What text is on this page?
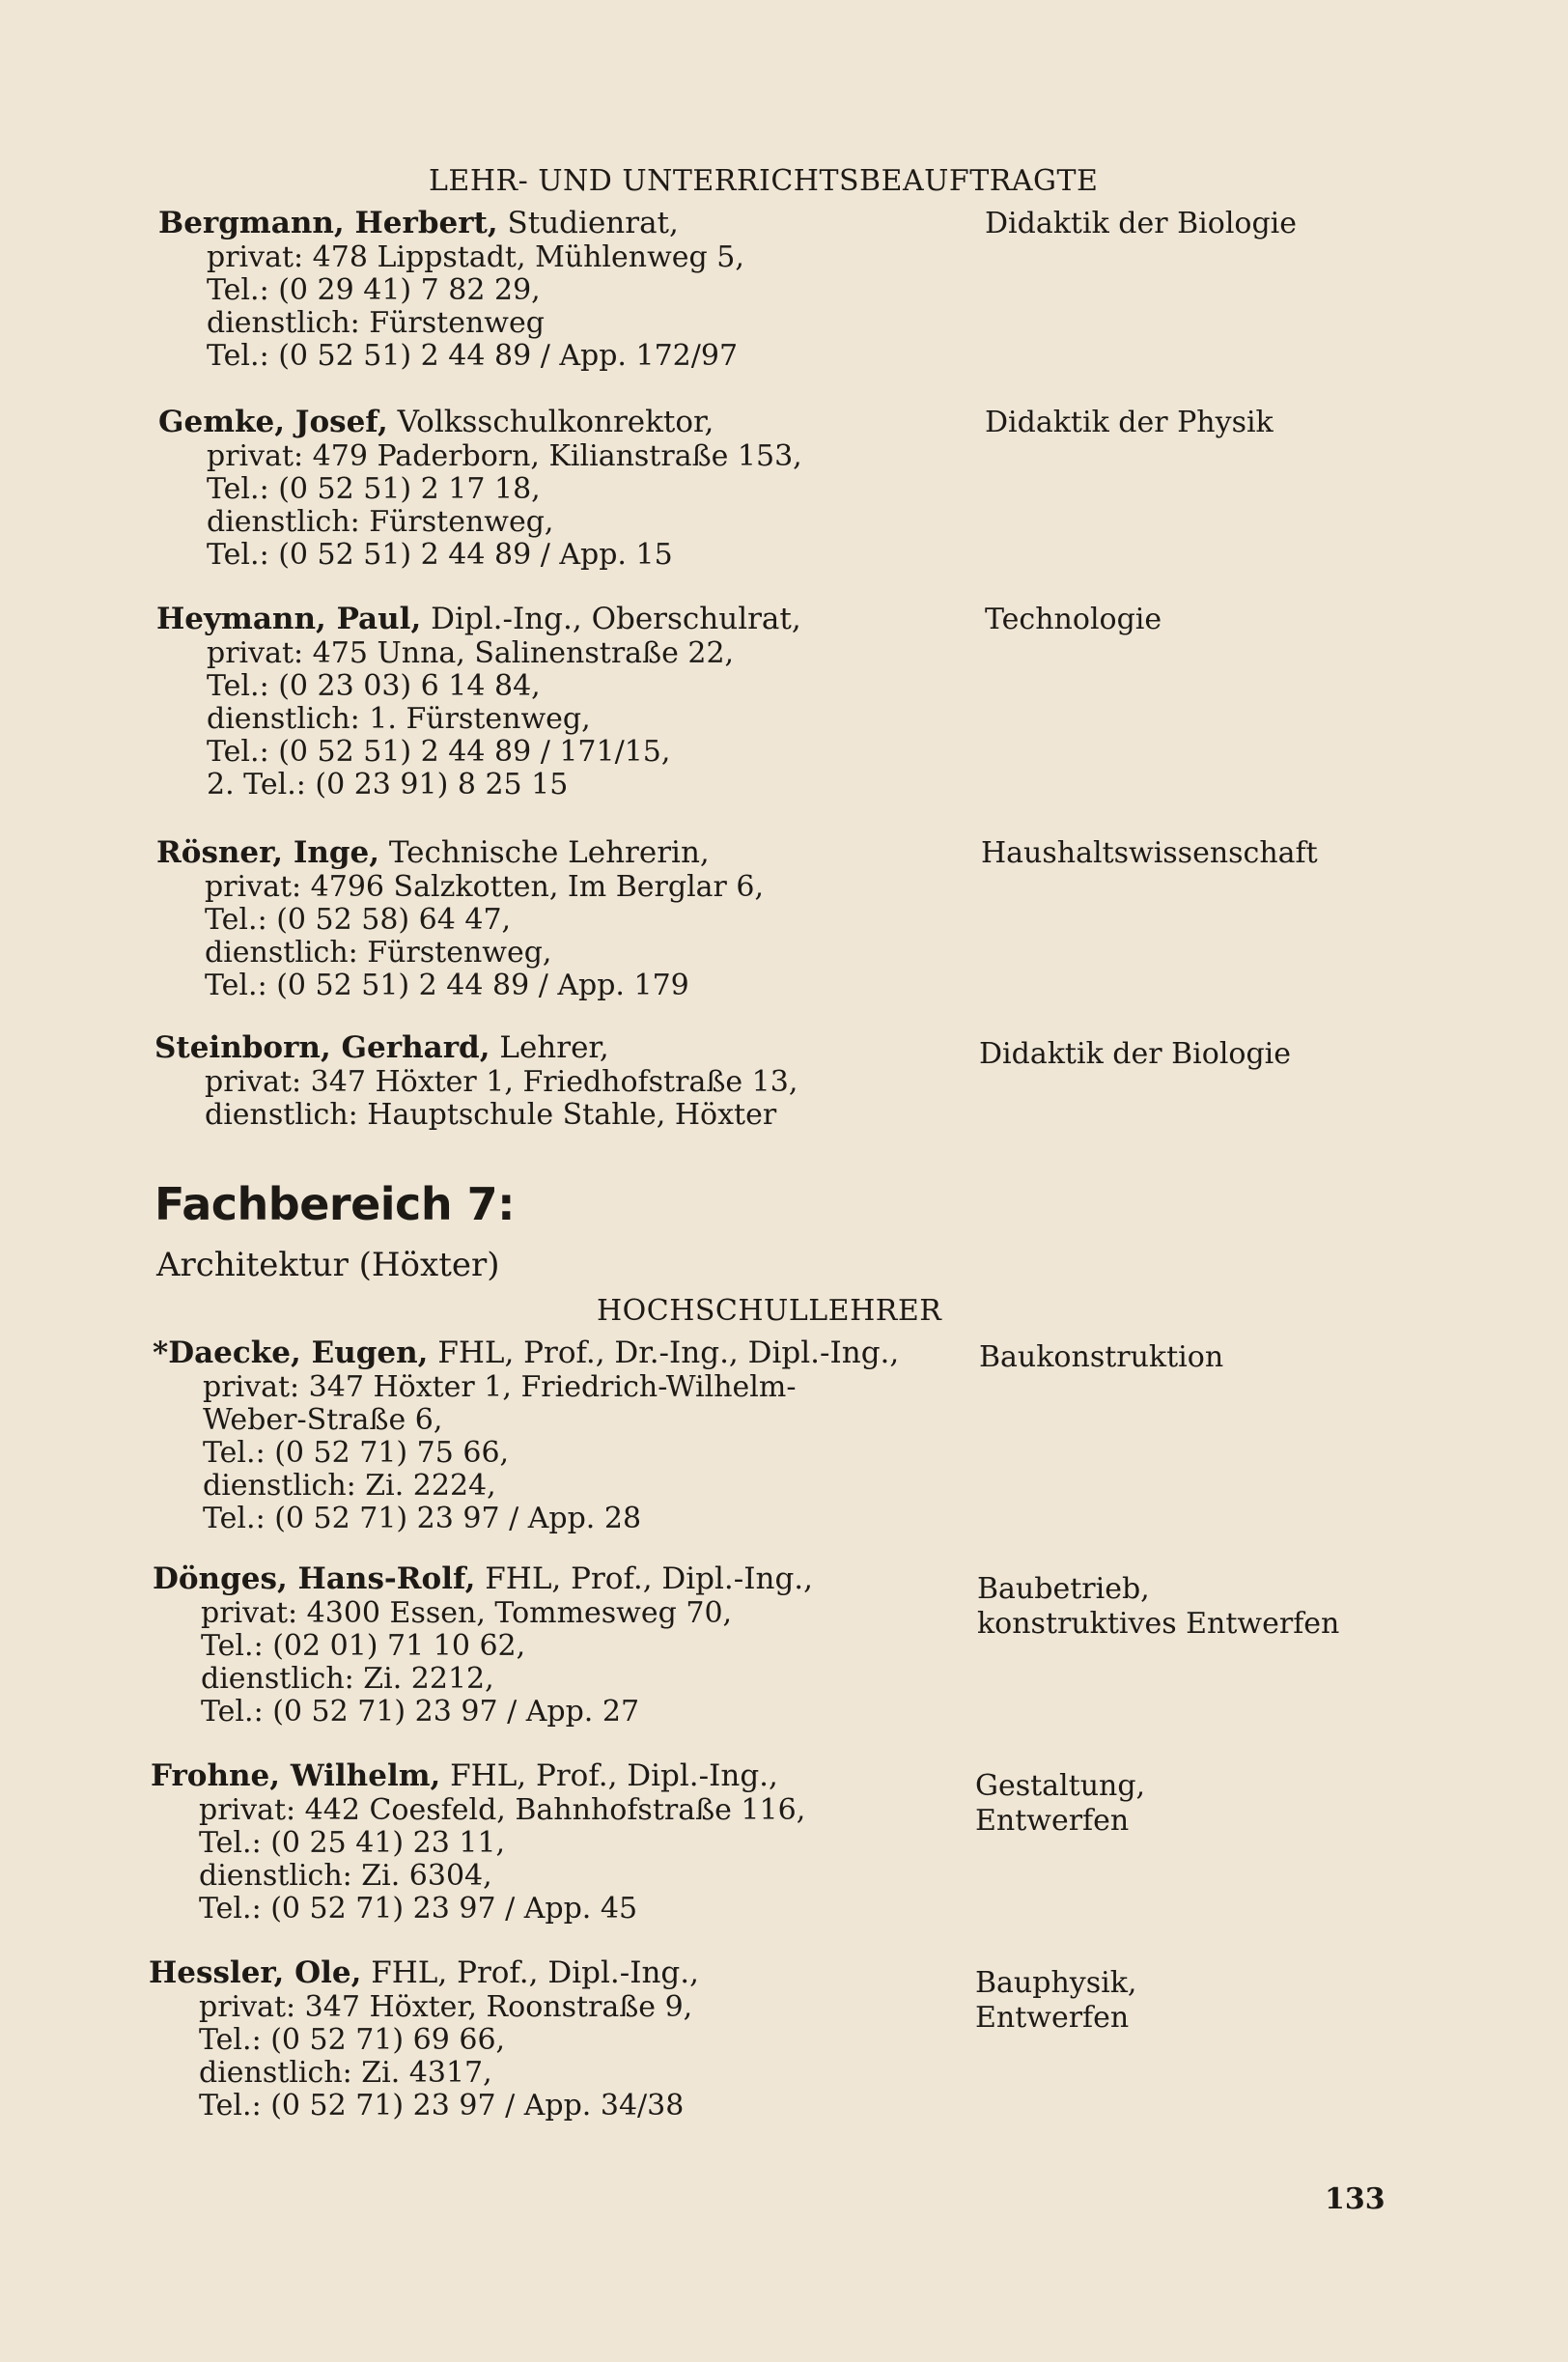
LEHR- UND UNTERRICHTSBEAUFTRAGTE
Bergmann, Herbert, Studienrat,
privat: 478 Lippstadt, Mühlenweg 5,
Tel.: (0 29 41) 7 82 29,
dienstlich: Fürstenweg
Tel.: (0 52 51) 2 44 89 / App. 172/97
Didaktik der Biologie
Gemke, Josef, Volksschulkonrektor,
privat: 479 Paderborn, Kilianstraße 153,
Tel.: (0 52 51) 2 17 18,
dienstlich: Fürstenweg,
Tel.: (0 52 51) 2 44 89 / App. 15
Didaktik der Physik
Heymann, Paul, Dipl.-Ing., Oberschulrat,
privat: 475 Unna, Salinenstraße 22,
Tel.: (0 23 03) 6 14 84,
dienstlich: 1. Fürstenweg,
Tel.: (0 52 51) 2 44 89 / 171/15,
2. Tel.: (0 23 91) 8 25 15
Technologie
Rösner, Inge, Technische Lehrerin,
privat: 4796 Salzkotten, Im Berglar 6,
Tel.: (0 52 58) 64 47,
dienstlich: Fürstenweg,
Tel.: (0 52 51) 2 44 89 / App. 179
Haushaltswissenschaft
Steinborn, Gerhard, Lehrer,
privat: 347 Höxter 1, Friedhofstraße 13,
dienstlich: Hauptschule Stahle, Höxter
Didaktik der Biologie
Fachbereich 7:
Architektur (Höxter)
HOCHSCHULLEHRER
*Daecke, Eugen, FHL, Prof., Dr.-Ing., Dipl.-Ing.,
privat: 347 Höxter 1, Friedrich-Wilhelm-
Weber-Straße 6,
Tel.: (0 52 71) 75 66,
dienstlich: Zi. 2224,
Tel.: (0 52 71) 23 97 / App. 28
Baukonstruktion
Dönges, Hans-Rolf, FHL, Prof., Dipl.-Ing.,
privat: 4300 Essen, Tommesweg 70,
Tel.: (02 01) 71 10 62,
dienstlich: Zi. 2212,
Tel.: (0 52 71) 23 97 / App. 27
Baubetrieb,
konstruktives Entwerfen
Frohne, Wilhelm, FHL, Prof., Dipl.-Ing.,
privat: 442 Coesfeld, Bahnhofstraße 116,
Tel.: (0 25 41) 23 11,
dienstlich: Zi. 6304,
Tel.: (0 52 71) 23 97 / App. 45
Gestaltung,
Entwerfen
Hessler, Ole, FHL, Prof., Dipl.-Ing.,
privat: 347 Höxter, Roonstraße 9,
Tel.: (0 52 71) 69 66,
dienstlich: Zi. 4317,
Tel.: (0 52 71) 23 97 / App. 34/38
Bauphysik,
Entwerfen
133
